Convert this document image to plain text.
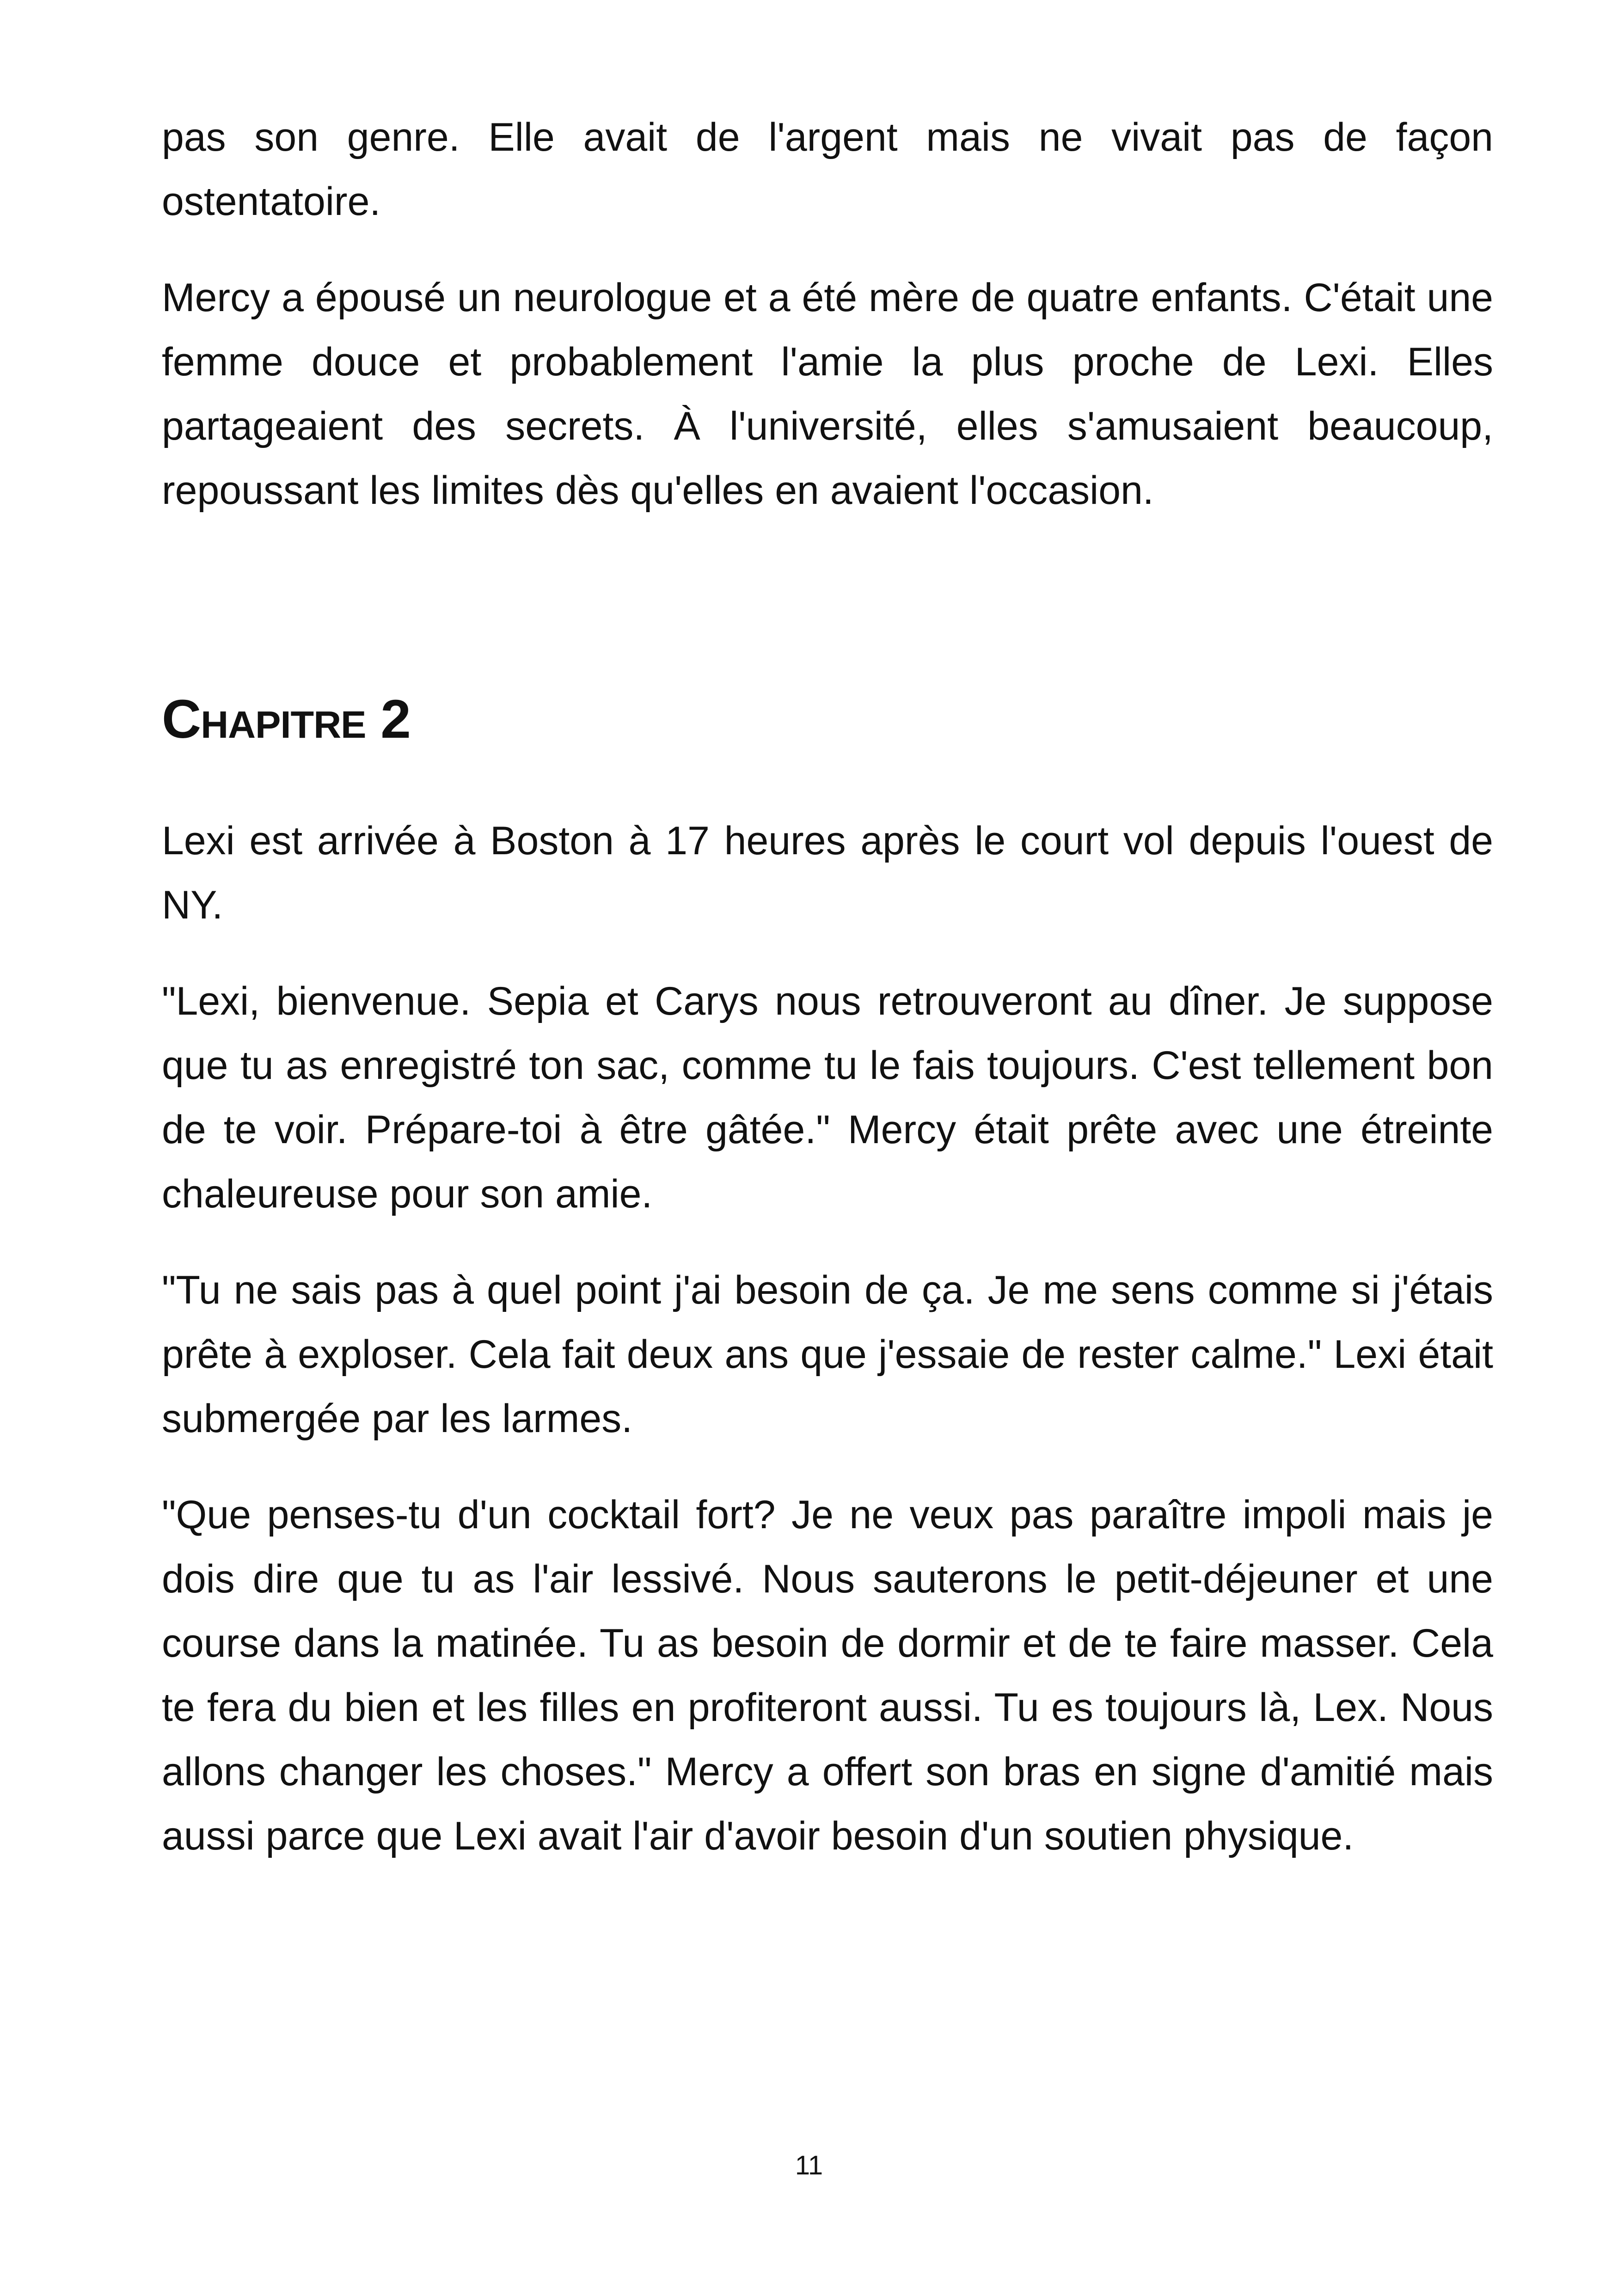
pas son genre. Elle avait de l'argent mais ne vivait pas de façon ostentatoire.

Mercy a épousé un neurologue et a été mère de quatre enfants. C'était une femme douce et probablement l'amie la plus proche de Lexi. Elles partageaient des secrets. À l'université, elles s'amusaient beaucoup, repoussant les limites dès qu'elles en avaient l'occasion.

Chapitre 2

Lexi est arrivée à Boston à 17 heures après le court vol depuis l'ouest de NY.

"Lexi, bienvenue. Sepia et Carys nous retrouveront au dîner. Je suppose que tu as enregistré ton sac, comme tu le fais toujours. C'est tellement bon de te voir. Prépare-toi à être gâtée." Mercy était prête avec une étreinte chaleureuse pour son amie.

"Tu ne sais pas à quel point j'ai besoin de ça. Je me sens comme si j'étais prête à exploser. Cela fait deux ans que j'essaie de rester calme." Lexi était submergée par les larmes.

"Que penses-tu d'un cocktail fort? Je ne veux pas paraître impoli mais je dois dire que tu as l'air lessivé. Nous sauterons le petit-déjeuner et une course dans la matinée. Tu as besoin de dormir et de te faire masser. Cela te fera du bien et les filles en profiteront aussi. Tu es toujours là, Lex. Nous allons changer les choses." Mercy a offert son bras en signe d'amitié mais aussi parce que Lexi avait l'air d'avoir besoin d'un soutien physique.

11
